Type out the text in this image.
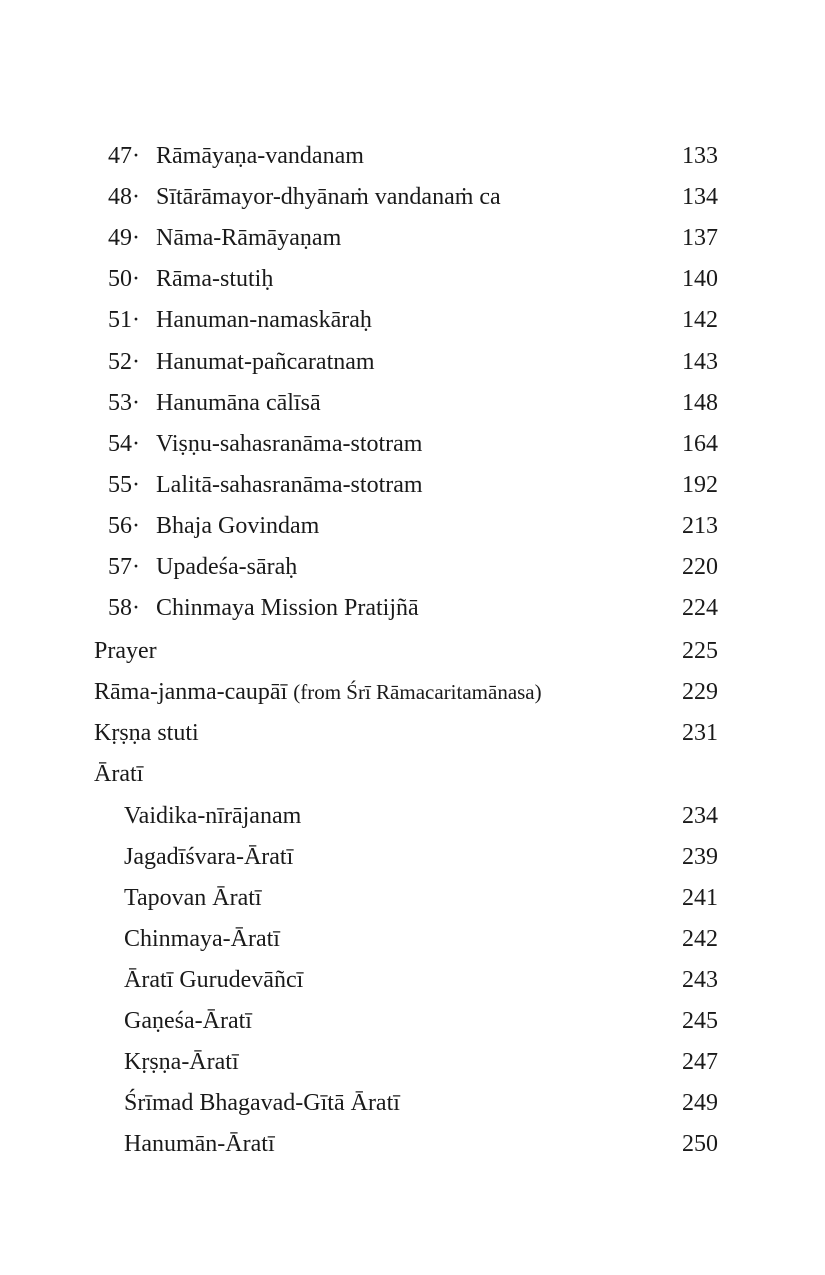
47· Rāmāyaṇa-vandanam	133
48· Sītārāmayor-dhyānaṁ vandanaṁ ca	134
49· Nāma-Rāmāyaṇam	137
50· Rāma-stutiḥ	140
51· Hanuman-namaskāraḥ	142
52· Hanumat-pañcaratnam	143
53· Hanumāna cālīsā	148
54· Viṣṇu-sahasranāma-stotram	164
55· Lalitā-sahasranāma-stotram	192
56· Bhaja Govindam	213
57· Upadeśa-sāraḥ	220
58· Chinmaya Mission Pratijñā	224
Prayer	225
Rāma-janma-caupāī (from Śrī Rāmacaritamānasa)	229
Kṛṣṇa stuti	231
Āratī
Vaidika-nīrājanam	234
Jagadīśvara-Āratī	239
Tapovan Āratī	241
Chinmaya-Āratī	242
Āratī Gurudevāñcī	243
Gaṇeśa-Āratī	245
Kṛṣṇa-Āratī	247
Śrīmad Bhagavad-Gītā Āratī	249
Hanumān-Āratī	250
